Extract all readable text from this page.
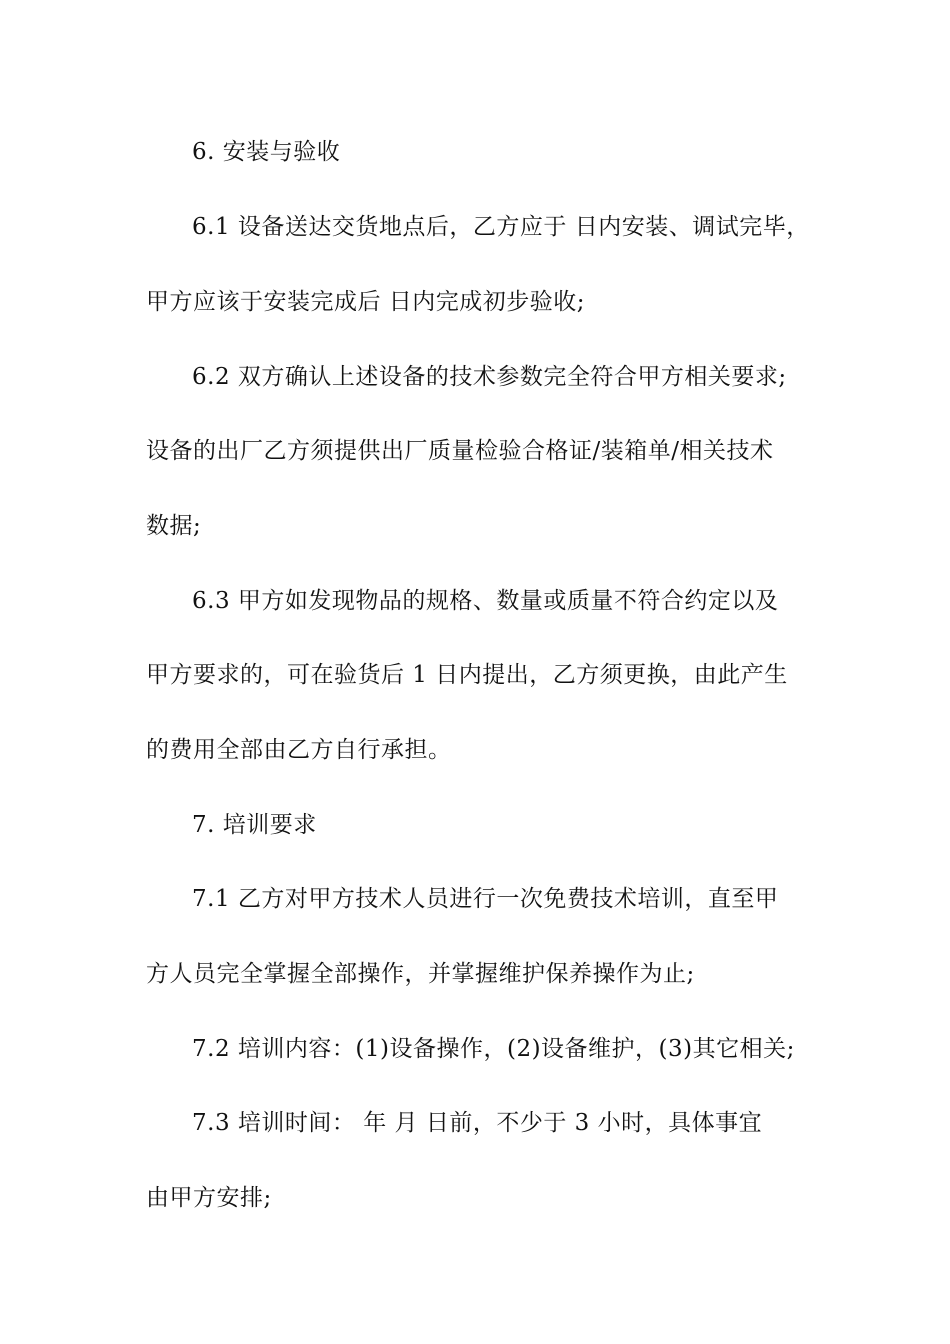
6. 安装与验收
6.1 设备送达交货地点后，乙方应于 日内安装、调试完毕，
甲方应该于安装完成后 日内完成初步验收;
6.2 双方确认上述设备的技术参数完全符合甲方相关要求;
设备的出厂乙方须提供出厂质量检验合格证/装箱单/相关技术
数据;
6.3 甲方如发现物品的规格、数量或质量不符合约定以及
甲方要求的，可在验货后 1 日内提出，乙方须更换，由此产生
的费用全部由乙方自行承担。
7. 培训要求
7.1 乙方对甲方技术人员进行一次免费技术培训，直至甲
方人员完全掌握全部操作，并掌握维护保养操作为止;
7.2 培训内容：(1)设备操作，(2)设备维护，(3)其它相关;
7.3 培训时间： 年 月 日前，不少于 3 小时，具体事宜
由甲方安排;
